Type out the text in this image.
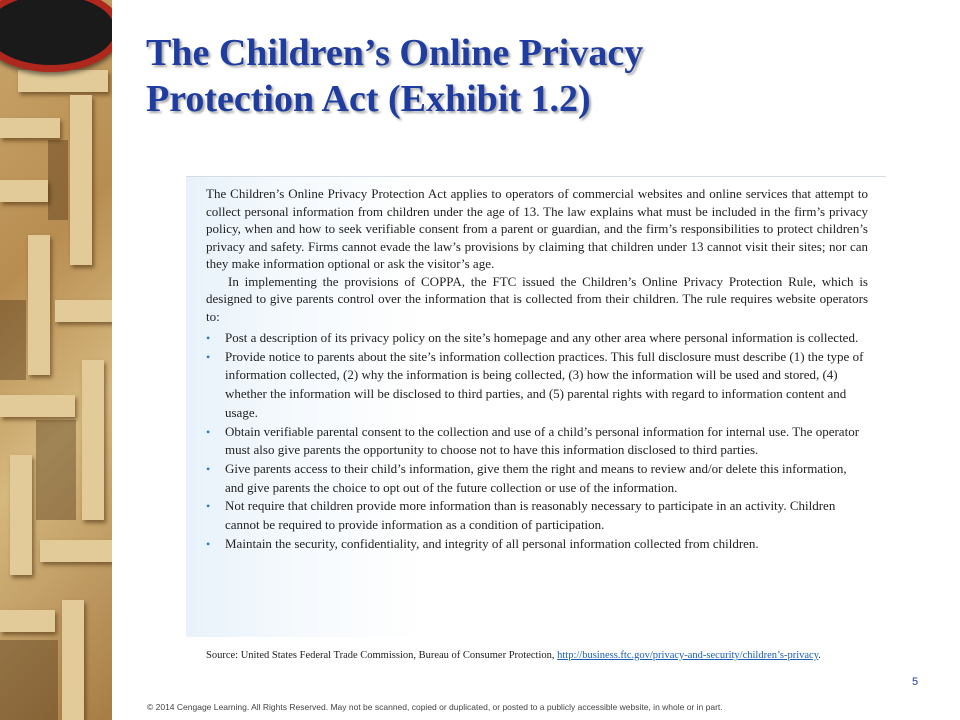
The Children’s Online Privacy
Protection Act (Exhibit 1.2)

The Children’s Online Privacy Protection Act applies to operators of commercial websites and online services that attempt to collect personal information from children under the age of 13. The law explains what must be included in the firm’s privacy policy, when and how to seek verifiable consent from a parent or guardian, and the firm’s responsibilities to protect children’s privacy and safety. Firms cannot evade the law’s provisions by claiming that children under 13 cannot visit their sites; nor can they make information optional or ask the visitor’s age.

In implementing the provisions of COPPA, the FTC issued the Children’s Online Privacy Protection Rule, which is designed to give parents control over the information that is collected from their children. The rule requires website operators to:

• Post a description of its privacy policy on the site’s homepage and any other area where personal information is collected.
• Provide notice to parents about the site’s information collection practices. This full disclosure must describe (1) the type of information collected, (2) why the information is being collected, (3) how the information will be used and stored, (4) whether the information will be disclosed to third parties, and (5) parental rights with regard to information content and usage.
• Obtain verifiable parental consent to the collection and use of a child’s personal information for internal use. The operator must also give parents the opportunity to choose not to have this information disclosed to third parties.
• Give parents access to their child’s information, give them the right and means to review and/or delete this information, and give parents the choice to opt out of the future collection or use of the information.
• Not require that children provide more information than is reasonably necessary to participate in an activity. Children cannot be required to provide information as a condition of participation.
• Maintain the security, confidentiality, and integrity of all personal information collected from children.
Source: United States Federal Trade Commission, Bureau of Consumer Protection, http://business.ftc.gov/privacy-and-security/children’s-privacy.
5
© 2014 Cengage Learning. All Rights Reserved. May not be scanned, copied or duplicated, or posted to a publicly accessible website, in whole or in part.
